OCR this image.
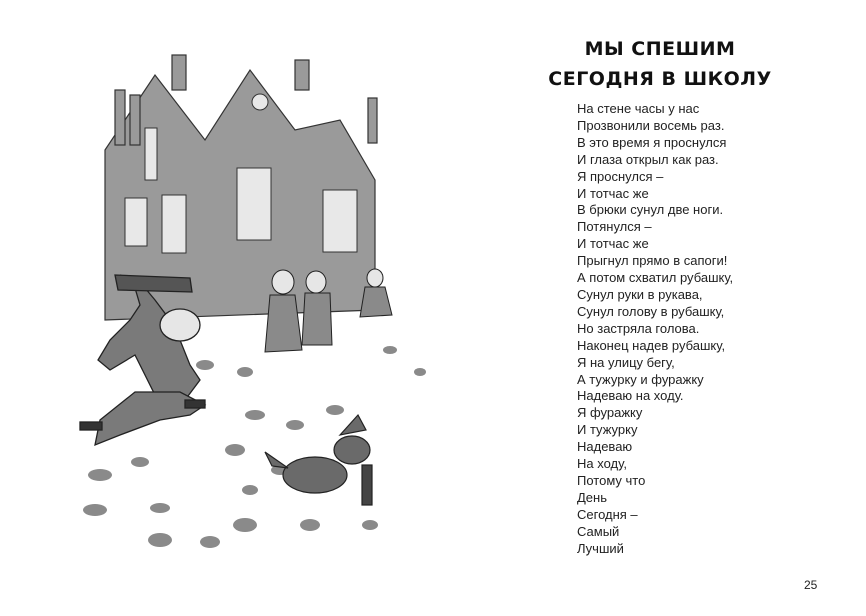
МЫ СПЕШИМ
СЕГОДНЯ В ШКОЛУ
На стене часы у нас
Прозвонили восемь раз.
В это время я проснулся
И глаза открыл как раз.
Я проснулся –
И тотчас же
В брюки сунул две ноги.
Потянулся –
И тотчас же
Прыгнул прямо в сапоги!
А потом схватил рубашку,
Сунул руки в рукава,
Сунул голову в рубашку,
Но застряла голова.
Наконец надев рубашку,
Я на улицу бегу,
А тужурку и фуражку
Надеваю на ходу.
Я фуражку
И тужурку
Надеваю
На ходу,
Потому что
День
Сегодня –
Самый
Лучший
25
